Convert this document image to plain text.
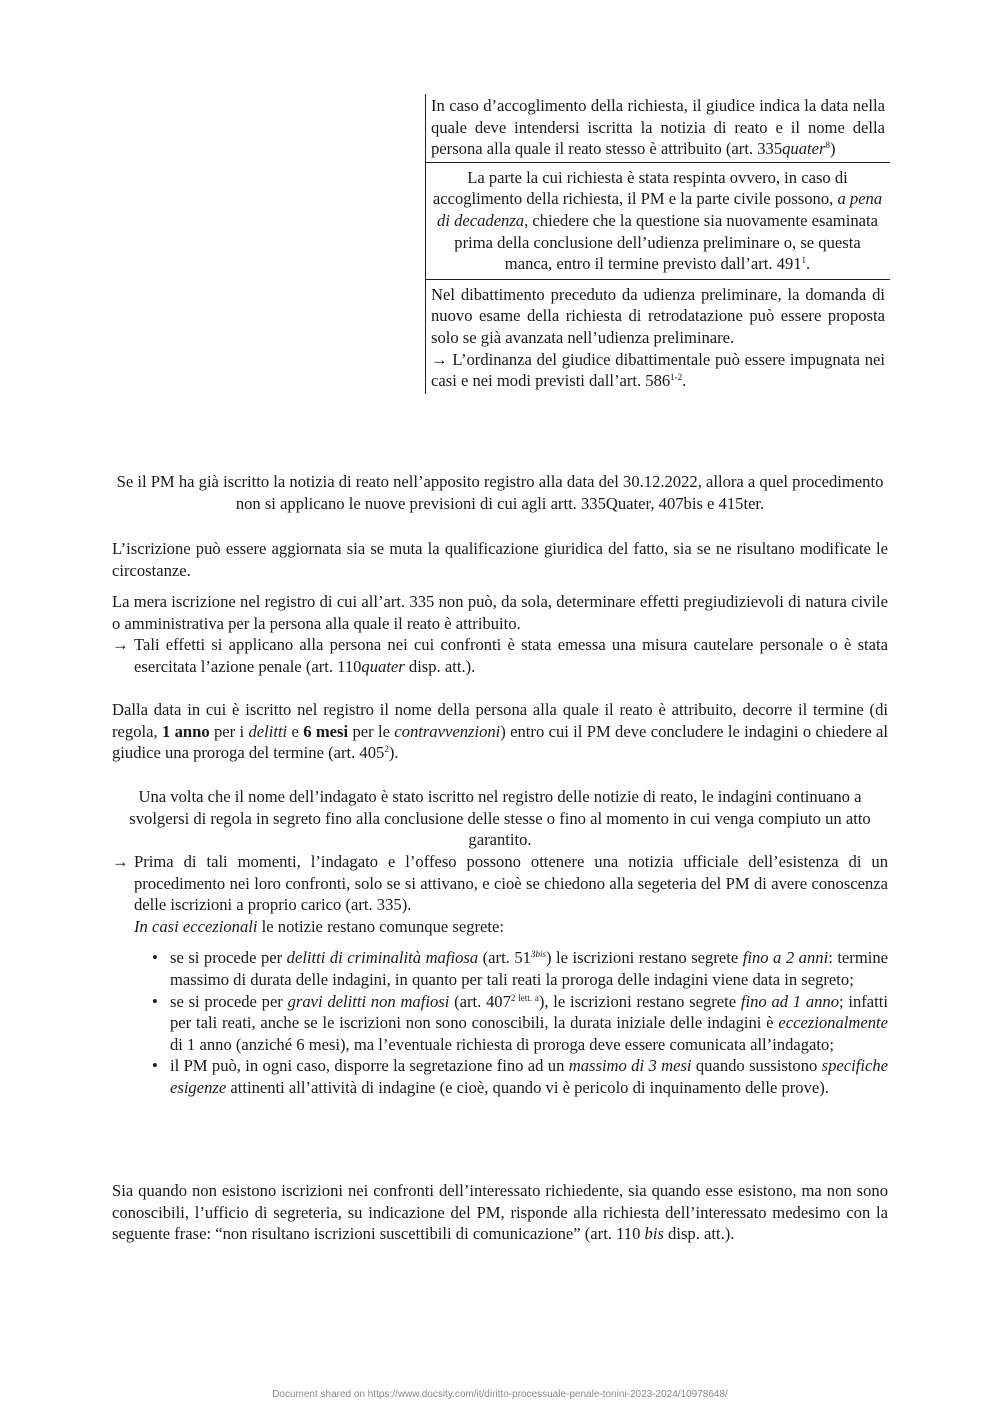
In caso d’accoglimento della richiesta, il giudice indica la data nella quale deve intendersi iscritta la notizia di reato e il nome della persona alla quale il reato stesso è attribuito (art. 335quater$^8$)
La parte la cui richiesta è stata respinta ovvero, in caso di accoglimento della richiesta, il PM e la parte civile possono, a pena di decadenza, chiedere che la questione sia nuovamente esaminata prima della conclusione dell’udienza preliminare o, se questa manca, entro il termine previsto dall’art. $491^1$.
Nel dibattimento preceduto da udienza preliminare, la domanda di nuovo esame della richiesta di retrodatazione può essere proposta solo se già avanzata nell’udienza preliminare.
→ L’ordinanza del giudice dibattimentale può essere impugnata nei casi e nei modi previsti dall’art. 586$^{1-2}$.
Se il PM ha già iscritto la notizia di reato nell’apposito registro alla data del 30.12.2022, allora a quel procedimento non si applicano le nuove previsioni di cui agli artt. 335Quater, 407bis e 415ter.
L’iscrizione può essere aggiornata sia se muta la qualificazione giuridica del fatto, sia se ne risultano modificate le circostanze.
La mera iscrizione nel registro di cui all’art. 335 non può, da sola, determinare effetti pregiudizievoli di natura civile o amministrativa per la persona alla quale il reato è attribuito.
→ Tali effetti si applicano alla persona nei cui confronti è stata emessa una misura cautelare personale o è stata esercitata l’azione penale (art. 110quater disp. att.).
Dalla data in cui è iscritto nel registro il nome della persona alla quale il reato è attribuito, decorre il termine (di regola, 1 anno per i delitti e 6 mesi per le contravvenzioni) entro cui il PM deve concludere le indagini o chiedere al giudice una proroga del termine (art. $405^2$).
Una volta che il nome dell’indagato è stato iscritto nel registro delle notizie di reato, le indagini continuano a svolgersi di regola in segreto fino alla conclusione delle stesse o fino al momento in cui venga compiuto un atto garantito.
→ Prima di tali momenti, l’indagato e l’offeso possono ottenere una notizia ufficiale dell’esistenza di un procedimento nei loro confronti, solo se si attivano, e cioè se chiedono alla segeteria del PM di avere conoscenza delle iscrizioni a proprio carico (art. 335).
In casi eccezionali le notizie restano comunque segrete:
• se si procede per delitti di criminalità mafiosa (art. $51^{3bis}$) le iscrizioni restano segrete fino a 2 anni: termine massimo di durata delle indagini, in quanto per tali reati la proroga delle indagini viene data in segreto;
• se si procede per gravi delitti non mafiosi (art. $407^{2 lett. a}$), le iscrizioni restano segrete fino ad 1 anno; infatti per tali reati, anche se le iscrizioni non sono conoscibili, la durata iniziale delle indagini è eccezionalmente di 1 anno (anziché 6 mesi), ma l’eventuale richiesta di proroga deve essere comunicata all’indagato;
• il PM può, in ogni caso, disporre la segretazione fino ad un massimo di 3 mesi quando sussistono specifiche esigenze attinenti all’attività di indagine (e cioè, quando vi è pericolo di inquinamento delle prove).
Sia quando non esistono iscrizioni nei confronti dell’interessato richiedente, sia quando esse esistono, ma non sono conoscibili, l’ufficio di segreteria, su indicazione del PM, risponde alla richiesta dell’interessato medesimo con la seguente frase: “non risultano iscrizioni suscettibili di comunicazione” (art. 110 bis disp. att.).
Document shared on https://www.docsity.com/it/diritto-processuale-penale-tonini-2023-2024/10978648/
